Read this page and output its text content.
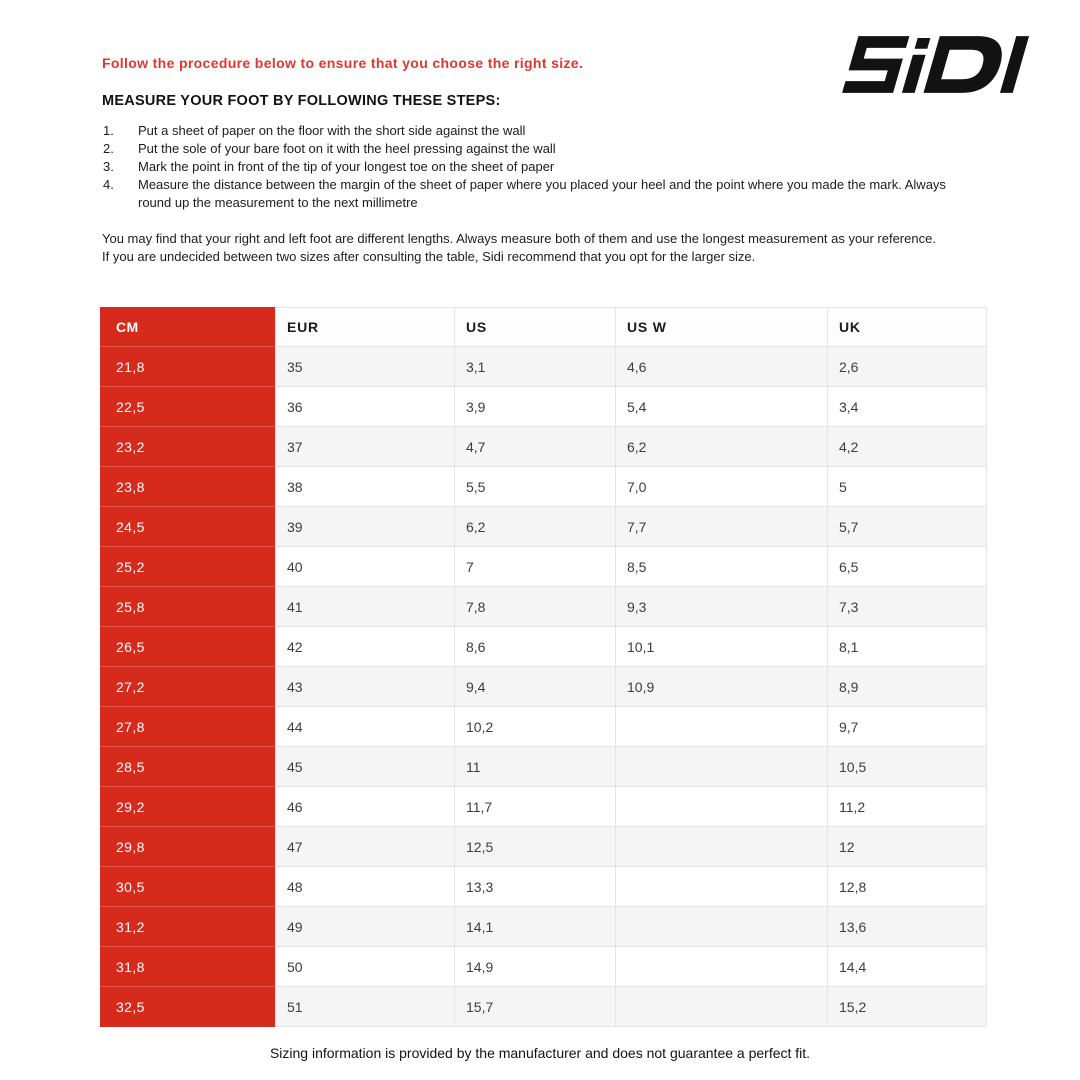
Follow the procedure below to ensure that you choose the right size.
MEASURE YOUR FOOT BY FOLLOWING THESE STEPS:
1.	Put a sheet of paper on the floor with the short side against the wall
2.	Put the sole of your bare foot on it with the heel pressing against the wall
3.	Mark the point in front of the tip of your longest toe on the sheet of paper
4.	Measure the distance between the margin of the sheet of paper where you placed your heel and the point where you made the mark. Always round up the measurement to the next millimetre

You may find that your right and left foot are different lengths. Always measure both of them and use the longest measurement as your reference.

If you are undecided between two sizes after consulting the table, Sidi recommend that you opt for the larger size.

CM	EUR	US	US W	UK
21,8	35	3,1	4,6	2,6
22,5	36	3,9	5,4	3,4
23,2	37	4,7	6,2	4,2
23,8	38	5,5	7,0	5
24,5	39	6,2	7,7	5,7
25,2	40	7	8,5	6,5
25,8	41	7,8	9,3	7,3
26,5	42	8,6	10,1	8,1
27,2	43	9,4	10,9	8,9
27,8	44	10,2		9,7
28,5	45	11		10,5
29,2	46	11,7		11,2
29,8	47	12,5		12
30,5	48	13,3		12,8
31,2	49	14,1		13,6
31,8	50	14,9		14,4
32,5	51	15,7		15,2
Sizing information is provided by the manufacturer and does not guarantee a perfect fit.
